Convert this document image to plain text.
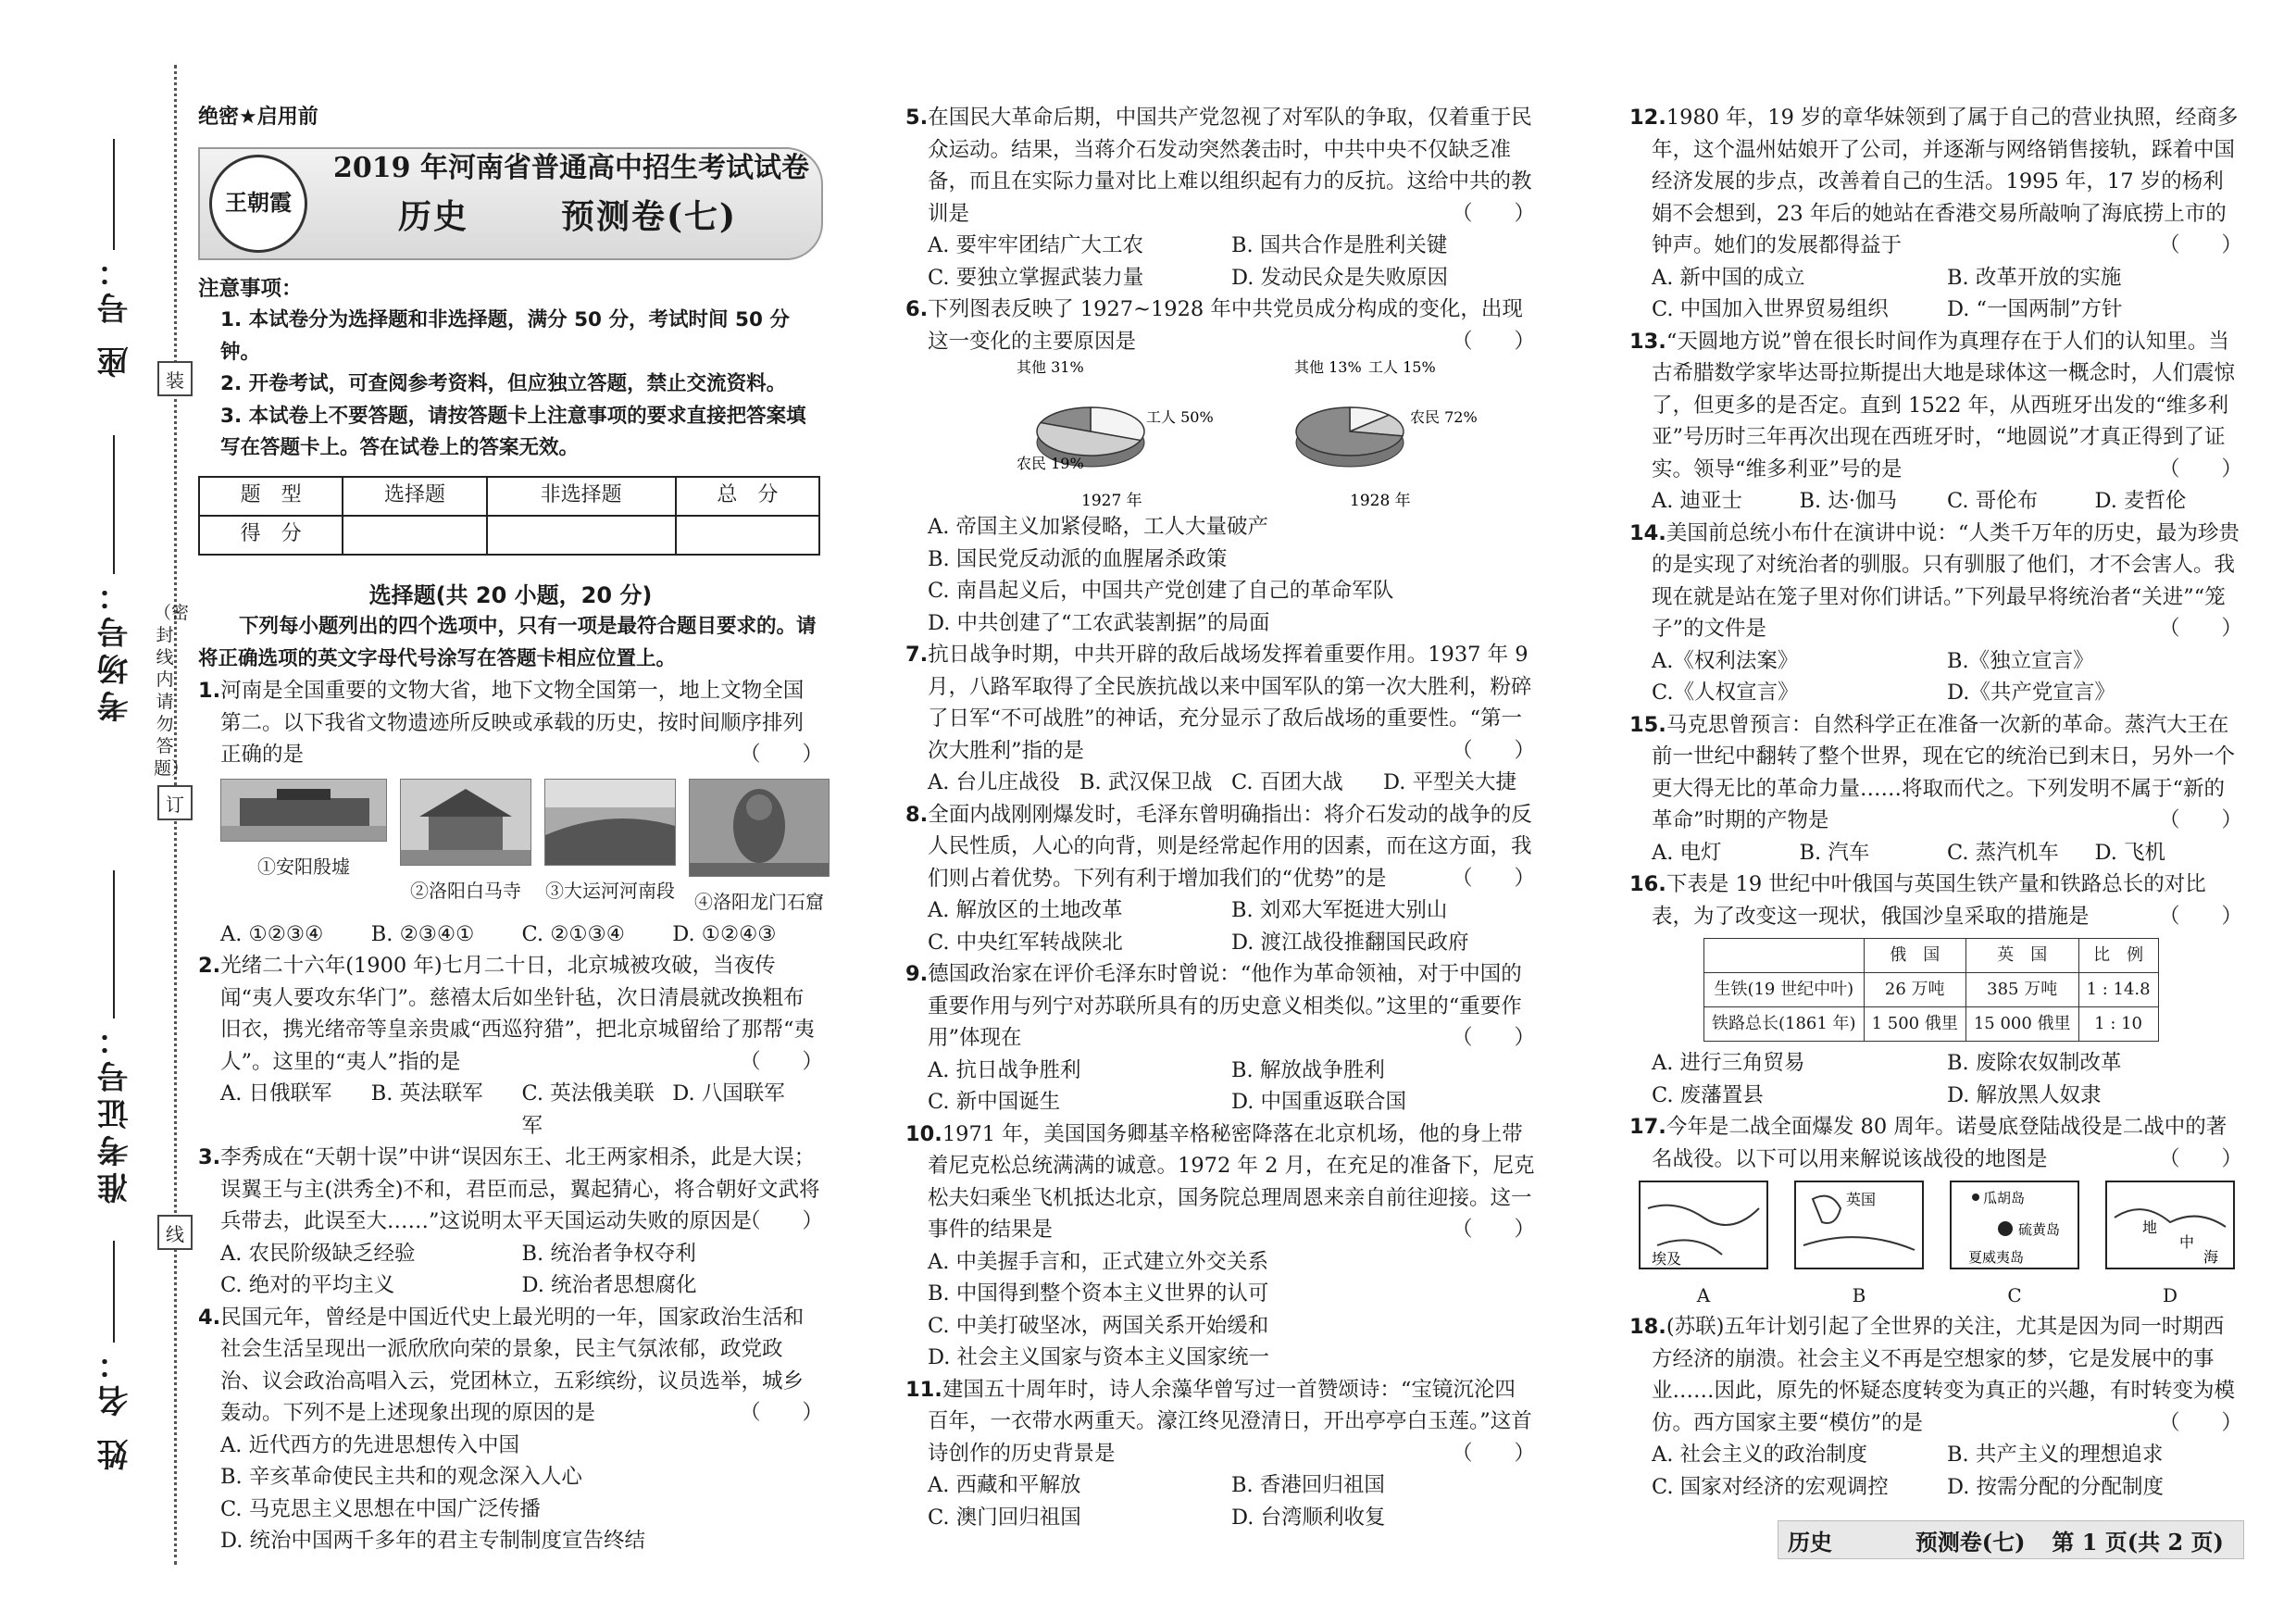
装
订
线
（密封线内请勿答题）
座 号：
考场号：
准考证号：
姓 名：
绝密★启用前
王朝霞
2019 年河南省普通高中招生考试试卷
历史	预测卷(七)
注意事项：
1. 本试卷分为选择题和非选择题，满分 50 分，考试时间 50 分钟。
2. 开卷考试，可查阅参考资料，但应独立答题，禁止交流资料。
3. 本试卷上不要答题，请按答题卡上注意事项的要求直接把答案填写在答题卡上。答在试卷上的答案无效。
题　型	选择题	非选择题	总　分
得　分			
选择题(共 20 小题，20 分)
下列每小题列出的四个选项中，只有一项是最符合题目要求的。请将正确选项的英文字母代号涂写在答题卡相应位置上。
1.河南是全国重要的文物大省，地下文物全国第一，地上文物全国第二。以下我省文物遗迹所反映或承载的历史，按时间顺序排列正确的是	（　　）
①安阳殷墟
②洛阳白马寺	③大运河河南段	④洛阳龙门石窟
A. ①②③④	B. ②③④①	C. ②①③④	D. ①②④③
2.光绪二十六年(1900 年)七月二十日，北京城被攻破，当夜传闻“夷人要攻东华门”。慈禧太后如坐针毡，次日清晨就改换粗布旧衣，携光绪帝等皇亲贵戚“西巡狩猎”，把北京城留给了那帮“夷人”。这里的“夷人”指的是	（　　）
A. 日俄联军	B. 英法联军	C. 英法俄美联军
D. 八国联军
3.李秀成在“天朝十误”中讲“误因东王、北王两家相杀，此是大误；误翼王与主(洪秀全)不和，君臣而忌，翼起猜心，将合朝好文武将兵带去，此误至大……”这说明太平天国运动失败的原因是
（　　）
A. 农民阶级缺乏经验	B. 统治者争权夺利
C. 绝对的平均主义	D. 统治者思想腐化
4.民国元年，曾经是中国近代史上最光明的一年，国家政治生活和社会生活呈现出一派欣欣向荣的景象，民主气氛浓郁，政党政治、议会政治高唱入云，党团林立，五彩缤纷，议员选举，城乡轰动。下列不是上述现象出现的原因的是	（　　）
A. 近代西方的先进思想传入中国
B. 辛亥革命使民主共和的观念深入人心
C. 马克思主义思想在中国广泛传播
D. 统治中国两千多年的君主专制制度宣告终结
5.在国民大革命后期，中国共产党忽视了对军队的争取，仅着重于民众运动。结果，当蒋介石发动突然袭击时，中共中央不仅缺乏准备，而且在实际力量对比上难以组织起有力的反抗。这给中共的教训是	（　　）
A. 要牢牢团结广大工农	B. 国共合作是胜利关键
C. 要独立掌握武装力量	D. 发动民众是失败原因
6.下列图表反映了 1927~1928 年中共党员成分构成的变化，出现这一变化的主要原因是	（　　）
其他 31%
工人 50%
农民 19%
1927 年
其他 13% 工人 15%
农民 72%
1928 年
A. 帝国主义加紧侵略，工人大量破产
B. 国民党反动派的血腥屠杀政策
C. 南昌起义后，中国共产党创建了自己的革命军队
D. 中共创建了“工农武装割据”的局面
7.抗日战争时期，中共开辟的敌后战场发挥着重要作用。1937 年 9 月，八路军取得了全民族抗战以来中国军队的第一次大胜利，粉碎了日军“不可战胜”的神话，充分显示了敌后战场的重要性。“第一次大胜利”指的是	（　　）
A. 台儿庄战役 B. 武汉保卫战 C. 百团大战	D. 平型关大捷
8.全面内战刚刚爆发时，毛泽东曾明确指出：将介石发动的战争的反人民性质，人心的向背，则是经常起作用的因素，而在这方面，我们则占着优势。下列有利于增加我们的“优势”的是	（　　）
A. 解放区的土地改革	B. 刘邓大军挺进大别山
C. 中央红军转战陕北	D. 渡江战役推翻国民政府
9.德国政治家在评价毛泽东时曾说：“他作为革命领袖，对于中国的重要作用与列宁对苏联所具有的历史意义相类似。”这里的“重要作用”体现在	（　　）
A. 抗日战争胜利	B. 解放战争胜利
C. 新中国诞生	D. 中国重返联合国
10.1971 年，美国国务卿基辛格秘密降落在北京机场，他的身上带着尼克松总统满满的诚意。1972 年 2 月，在充足的准备下，尼克松夫妇乘坐飞机抵达北京，国务院总理周恩来亲自前往迎接。这一事件的结果是	（　　）
A. 中美握手言和，正式建立外交关系
B. 中国得到整个资本主义世界的认可
C. 中美打破坚冰，两国关系开始缓和
D. 社会主义国家与资本主义国家统一
11.建国五十周年时，诗人余藻华曾写过一首赞颂诗：“宝镜沉沦四百年，一衣带水两重天。濠江终见澄清日，开出亭亭白玉莲。”这首诗创作的历史背景是	（　　）
A. 西藏和平解放	B. 香港回归祖国
C. 澳门回归祖国	D. 台湾顺利收复
12.1980 年，19 岁的章华妹领到了属于自己的营业执照，经商多年，这个温州姑娘开了公司，并逐渐与网络销售接轨，踩着中国经济发展的步点，改善着自己的生活。1995 年，17 岁的杨利娟不会想到，23 年后的她站在香港交易所敲响了海底捞上市的钟声。她们的发展都得益于	（　　）
A. 新中国的成立	B. 改革开放的实施
C. 中国加入世界贸易组织	D. “一国两制”方针
13.“天圆地方说”曾在很长时间作为真理存在于人们的认知里。当古希腊数学家毕达哥拉斯提出大地是球体这一概念时，人们震惊了，但更多的是否定。直到 1522 年，从西班牙出发的“维多利亚”号历时三年再次出现在西班牙时，“地圆说”才真正得到了证实。领导“维多利亚”号的是	（　　）
A. 迪亚士	B. 达·伽马	C. 哥伦布	D. 麦哲伦
14.美国前总统小布什在演讲中说：“人类千万年的历史，最为珍贵的是实现了对统治者的驯服。只有驯服了他们，才不会害人。我现在就是站在笼子里对你们讲话。”下列最早将统治者“关进”“笼子”的文件是	（　　）
A.《权利法案》	B.《独立宣言》
C.《人权宣言》	D.《共产党宣言》
15.马克思曾预言：自然科学正在准备一次新的革命。蒸汽大王在前一世纪中翻转了整个世界，现在它的统治已到末日，另外一个更大得无比的革命力量……将取而代之。下列发明不属于“新的革命”时期的产物是	（　　）
A. 电灯	B. 汽车	C. 蒸汽机车	D. 飞机
16.下表是 19 世纪中叶俄国与英国生铁产量和铁路总长的对比表，为了改变这一现状，俄国沙皇采取的措施是	（　　）
	俄　国	英　国	比　例
生铁(19 世纪中叶)	26 万吨	385 万吨	1 : 14.8
铁路总长(1861 年)	1 500 俄里	15 000 俄里	1 : 10
A. 进行三角贸易	B. 废除农奴制改革
C. 废藩置县	D. 解放黑人奴隶
17.今年是二战全面爆发 80 周年。诺曼底登陆战役是二战中的著名战役。以下可以用来解说该战役的地图是	（　　）
埃及
A
英国
B
瓜胡岛
硫黄岛
夏威夷岛
C
地
中
海
D
18.(苏联)五年计划引起了全世界的关注，尤其是因为同一时期西方经济的崩溃。社会主义不再是空想家的梦，它是发展中的事业……因此，原先的怀疑态度转变为真正的兴趣，有时转变为模仿。西方国家主要“模仿”的是	（　　）
A. 社会主义的政治制度	B. 共产主义的理想追求
C. 国家对经济的宏观调控	D. 按需分配的分配制度
历史	预测卷(七)	第 1 页(共 2 页)
